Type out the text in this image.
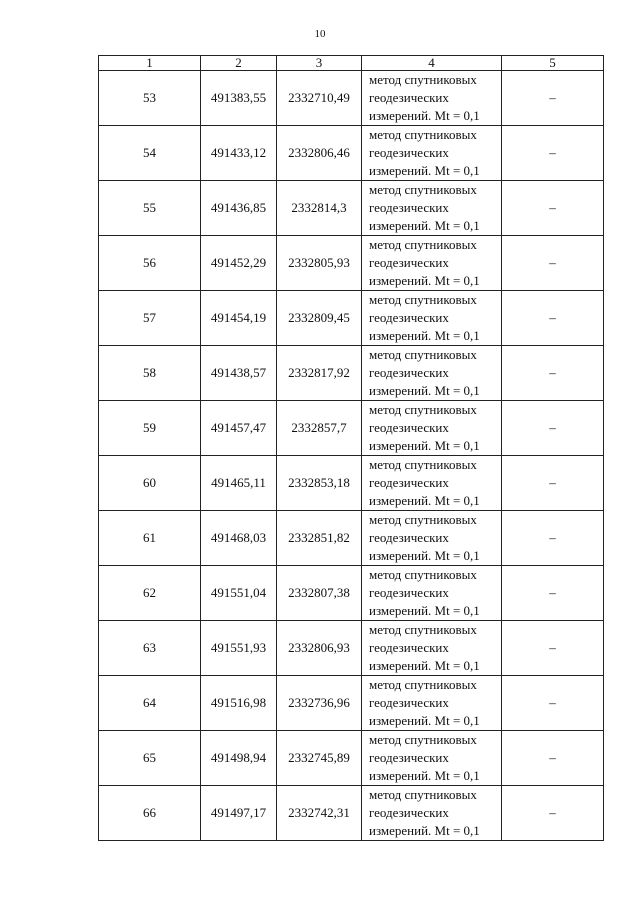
10
1	2	3	4	5
53	491383,55	2332710,49	метод спутниковых
геодезических
измерений. Mt = 0,1	–
54	491433,12	2332806,46	метод спутниковых
геодезических
измерений. Mt = 0,1	–
55	491436,85	2332814,3	метод спутниковых
геодезических
измерений. Mt = 0,1	–
56	491452,29	2332805,93	метод спутниковых
геодезических
измерений. Mt = 0,1	–
57	491454,19	2332809,45	метод спутниковых
геодезических
измерений. Mt = 0,1	–
58	491438,57	2332817,92	метод спутниковых
геодезических
измерений. Mt = 0,1	–
59	491457,47	2332857,7	метод спутниковых
геодезических
измерений. Mt = 0,1	–
60	491465,11	2332853,18	метод спутниковых
геодезических
измерений. Mt = 0,1	–
61	491468,03	2332851,82	метод спутниковых
геодезических
измерений. Mt = 0,1	–
62	491551,04	2332807,38	метод спутниковых
геодезических
измерений. Mt = 0,1	–
63	491551,93	2332806,93	метод спутниковых
геодезических
измерений. Mt = 0,1	–
64	491516,98	2332736,96	метод спутниковых
геодезических
измерений. Mt = 0,1	–
65	491498,94	2332745,89	метод спутниковых
геодезических
измерений. Mt = 0,1	–
66	491497,17	2332742,31	метод спутниковых
геодезических
измерений. Mt = 0,1	–
